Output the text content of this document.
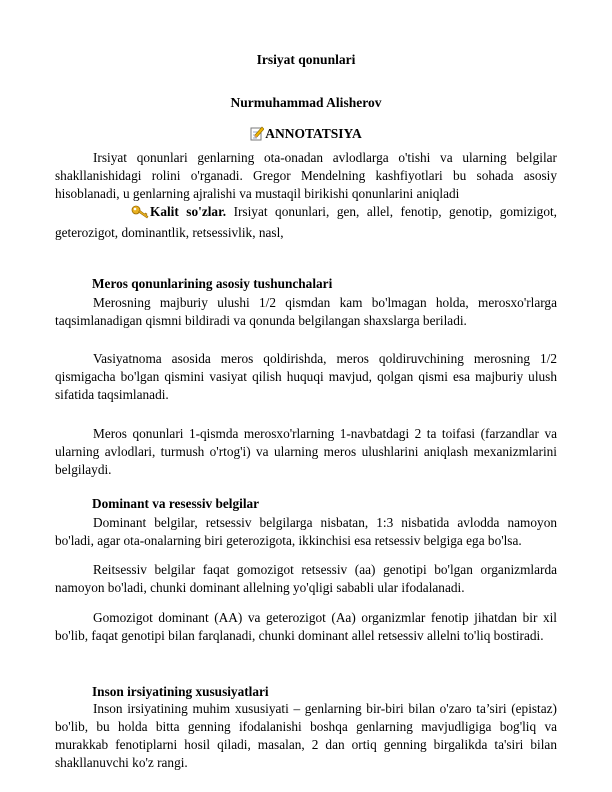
Irsiyat qonunlari
Nurmuhammad Alisherov
ANNOTATSIYA
Irsiyat qonunlari genlarning ota-onadan avlodlarga o'tishi va ularning belgilar shakllanishidagi rolini o'rganadi. Gregor Mendelning kashfiyotlari bu sohada asosiy hisoblanadi, u genlarning ajralishi va mustaqil birikishi qonunlarini aniqladi
Kalit so'zlar. Irsiyat qonunlari, gen, allel, fenotip, genotip, gomizigot, geterozigot, dominantlik, retsessivlik, nasl,
Meros qonunlarining asosiy tushunchalari
Merosning majburiy ulushi 1/2 qismdan kam bo'lmagan holda, merosxo'rlarga taqsimlanadigan qismni bildiradi va qonunda belgilangan shaxslarga beriladi.
Vasiyatnoma asosida meros qoldirishda, meros qoldiruvchining merosning 1/2 qismigacha bo'lgan qismini vasiyat qilish huquqi mavjud, qolgan qismi esa majburiy ulush sifatida taqsimlanadi.
Meros qonunlari 1-qismda merosxo'rlarning 1-navbatdagi 2 ta toifasi (farzandlar va ularning avlodlari, turmush o'rtog'i) va ularning meros ulushlarini aniqlash mexanizmlarini belgilaydi.
Dominant va resessiv belgilar
Dominant belgilar, retsessiv belgilarga nisbatan, 1:3 nisbatida avlodda namoyon bo'ladi, agar ota-onalarning biri geterozigota, ikkinchisi esa retsessiv belgiga ega bo'lsa.
Reitsessiv belgilar faqat gomozigot retsessiv (aa) genotipi bo'lgan organizmlarda namoyon bo'ladi, chunki dominant allelning yo'qligi sababli ular ifodalanadi.
Gomozigot dominant (AA) va geterozigot (Aa) organizmlar fenotip jihatdan bir xil bo'lib, faqat genotipi bilan farqlanadi, chunki dominant allel retsessiv allelni to'liq bostiradi.
Inson irsiyatining xususiyatlari
Inson irsiyatining muhim xususiyati – genlarning bir-biri bilan o'zaro ta’siri (epistaz) bo'lib, bu holda bitta genning ifodalanishi boshqa genlarning mavjudligiga bog'liq va murakkab fenotiplarni hosil qiladi, masalan, 2 dan ortiq genning birgalikda ta'siri bilan shakllanuvchi ko'z rangi.
